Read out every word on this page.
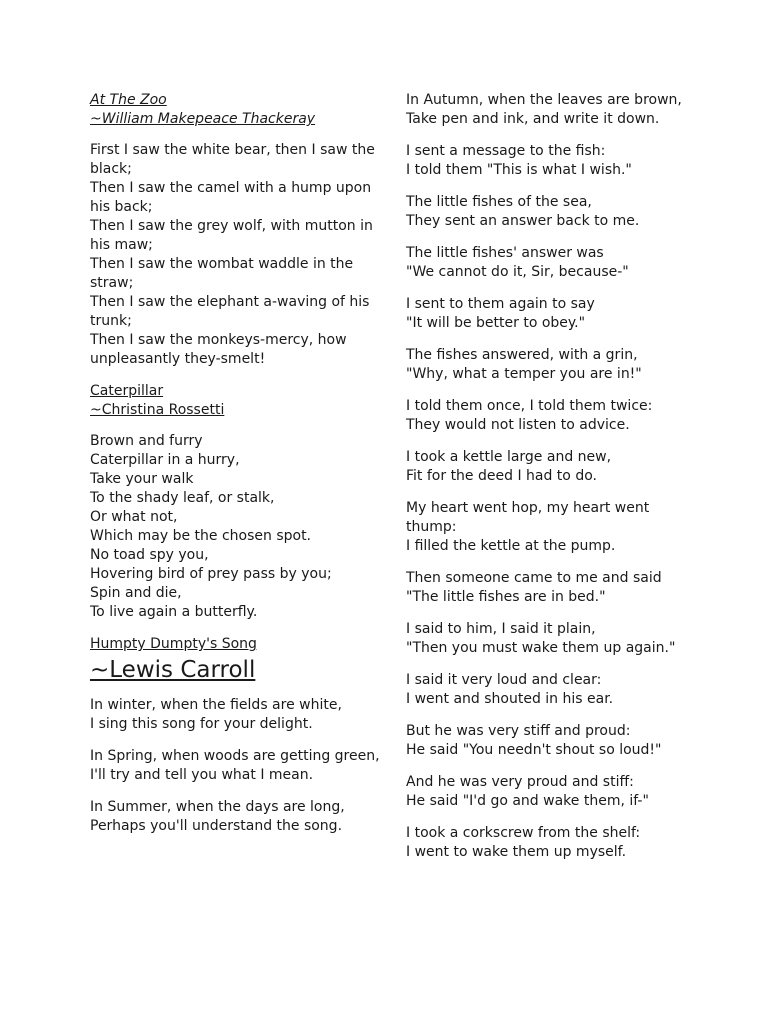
At The Zoo
~William Makepeace Thackeray
First I saw the white bear, then I saw the black;
Then I saw the camel with a hump upon his back;
Then I saw the grey wolf, with mutton in his maw;
Then I saw the wombat waddle in the straw;
Then I saw the elephant a-waving of his trunk;
Then I saw the monkeys-mercy, how unpleasantly they-smelt!
Caterpillar
~Christina Rossetti
Brown and furry
Caterpillar in a hurry,
Take your walk
To the shady leaf, or stalk,
Or what not,
Which may be the chosen spot.
No toad spy you,
Hovering bird of prey pass by you;
Spin and die,
To live again a butterfly.
Humpty Dumpty's Song
~Lewis Carroll
In winter, when the fields are white,
I sing this song for your delight.
In Spring, when woods are getting green,
I'll try and tell you what I mean.
In Summer, when the days are long,
Perhaps you'll understand the song.
In Autumn, when the leaves are brown,
Take pen and ink, and write it down.
I sent a message to the fish:
I told them "This is what I wish."
The little fishes of the sea,
They sent an answer back to me.
The little fishes' answer was
"We cannot do it, Sir, because-"
I sent to them again to say
"It will be better to obey."
The fishes answered, with a grin,
"Why, what a temper you are in!"
I told them once, I told them twice:
They would not listen to advice.
I took a kettle large and new,
Fit for the deed I had to do.
My heart went hop, my heart went thump:
I filled the kettle at the pump.
Then someone came to me and said
"The little fishes are in bed."
I said to him, I said it plain,
"Then you must wake them up again."
I said it very loud and clear:
I went and shouted in his ear.
But he was very stiff and proud:
He said "You needn't shout so loud!"
And he was very proud and stiff:
He said "I'd go and wake them, if-"
I took a corkscrew from the shelf:
I went to wake them up myself.
